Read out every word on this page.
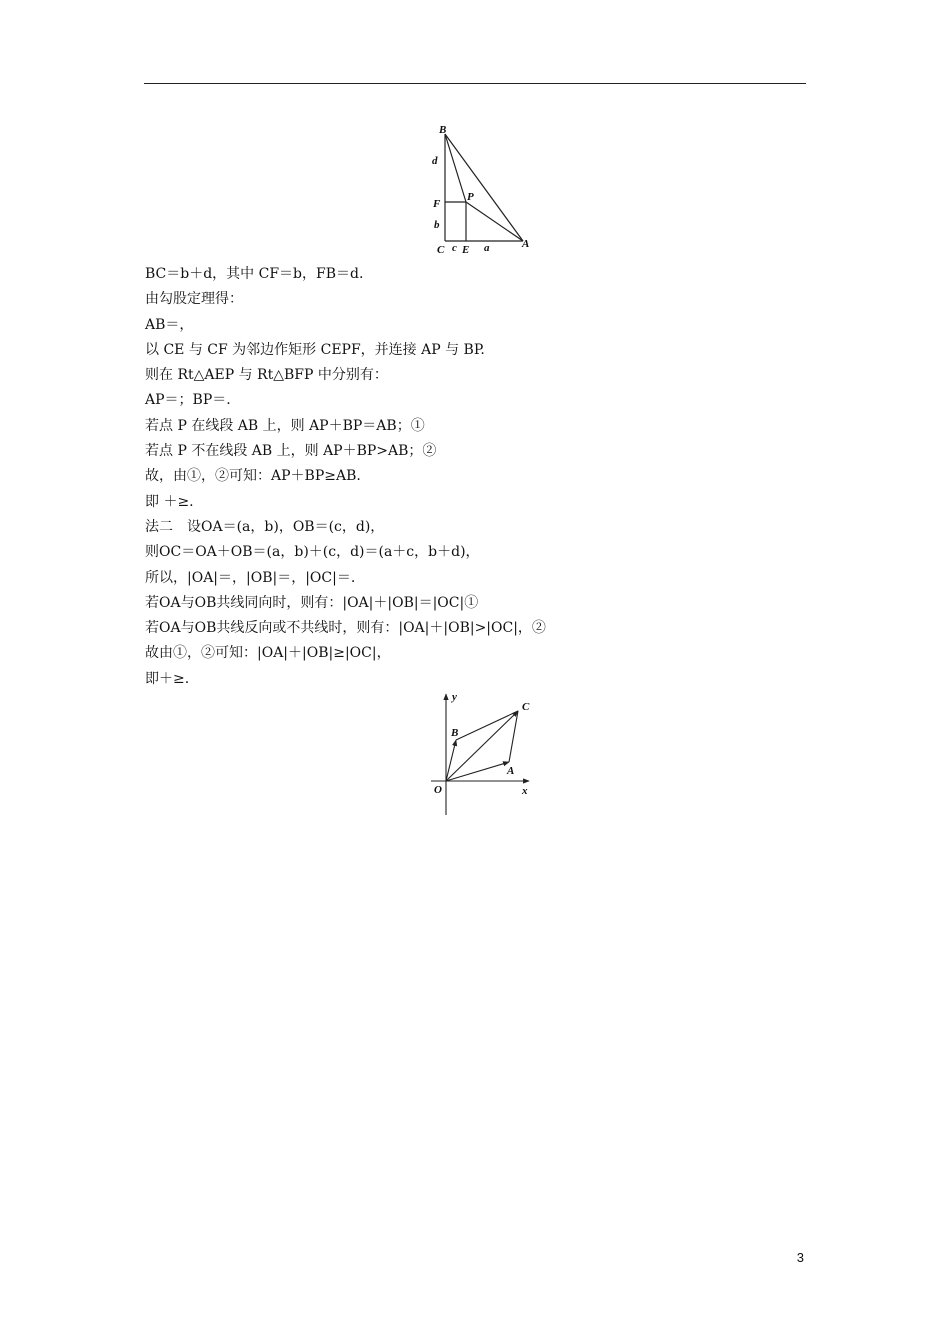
B
d
P
F
b
C c E a	A
BC＝b＋d，其中 CF＝b，FB＝d.
由勾股定理得：
AB＝，
以 CE 与 CF 为邻边作矩形 CEPF，并连接 AP 与 BP.
则在 Rt△AEP 与 Rt△BFP 中分别有：
AP＝；BP＝.
若点 P 在线段 AB 上，则 AP＋BP＝AB；①
若点 P 不在线段 AB 上，则 AP＋BP>AB；②
故，由①，②可知：AP＋BP≥AB.
即 ＋≥.
法二　设OA＝(a，b)，OB＝(c，d)，
则OC＝OA＋OB＝(a，b)＋(c，d)＝(a＋c，b＋d)，
所以，|OA|＝，|OB|＝，|OC|＝.
若OA与OB共线同向时，则有：|OA|＋|OB|＝|OC|①
若OA与OB共线反向或不共线时，则有：|OA|＋|OB|>|OC|，②
故由①，②可知：|OA|＋|OB|≥|OC|，
即＋≥.
y
C
B
A
O	x
3
